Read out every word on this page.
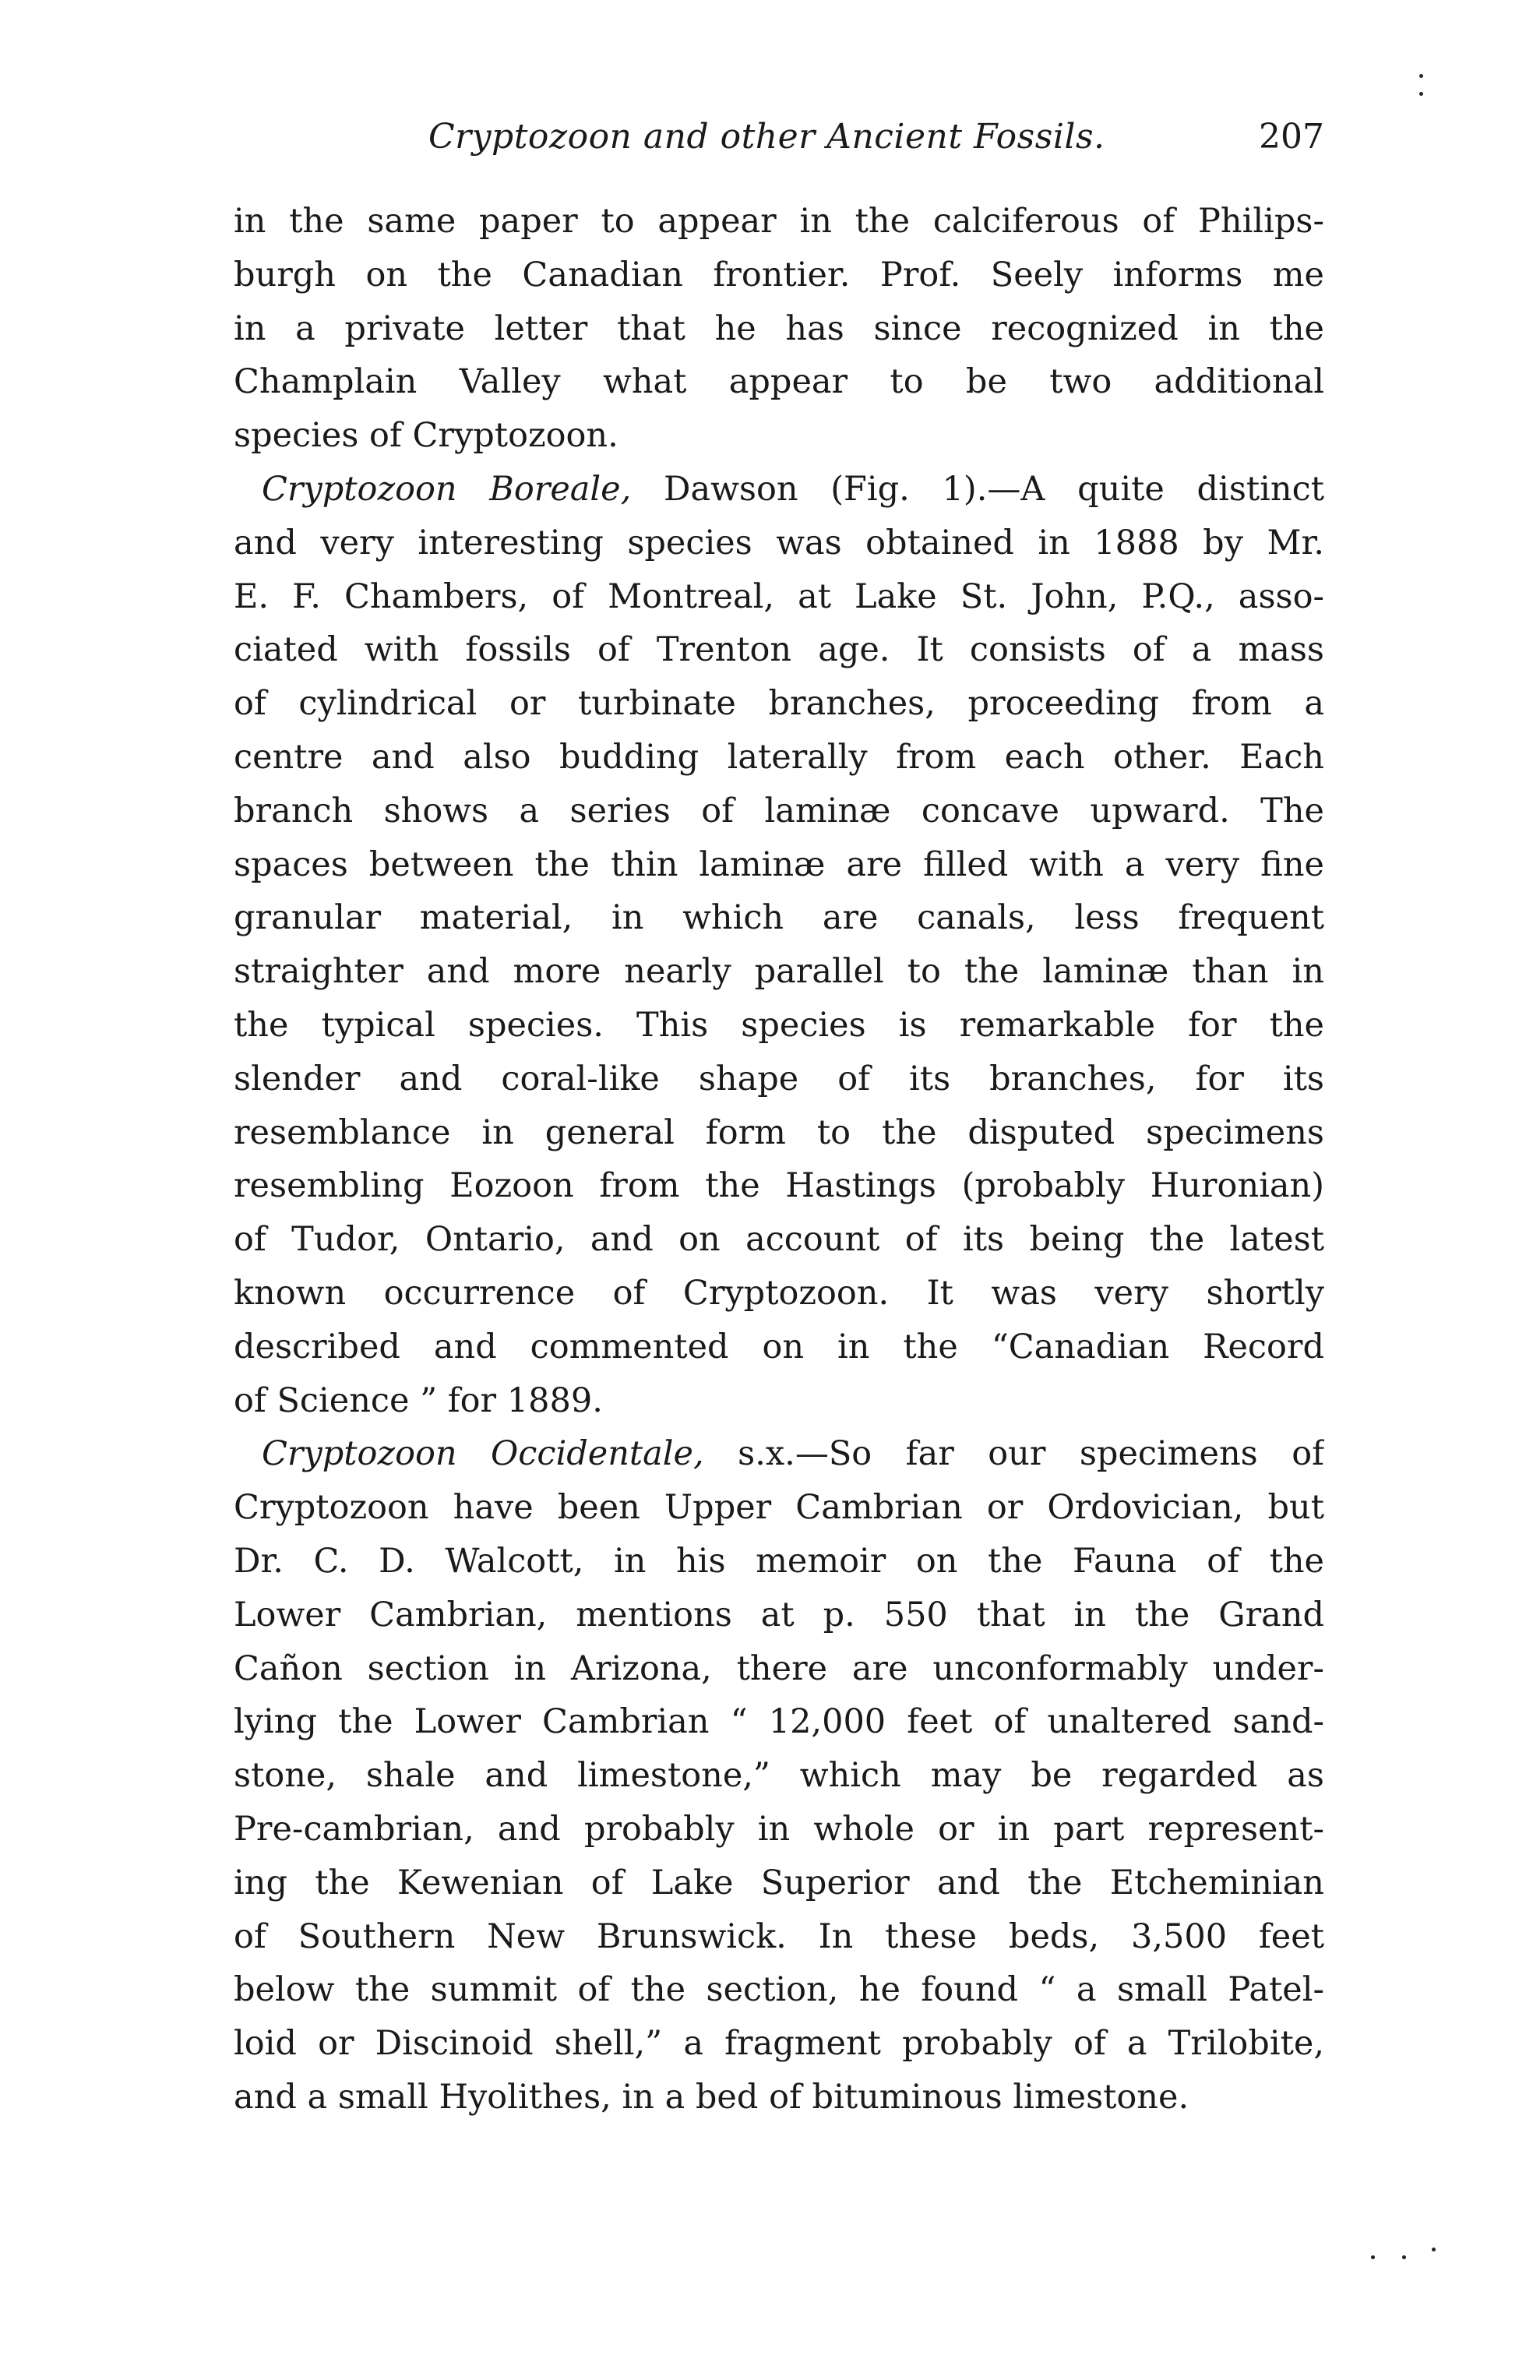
Cryptozoon and other Ancient Fossils.	207
in the same paper to appear in the calciferous of Philips-
burgh on the Canadian frontier. Prof. Seely informs me
in a private letter that he has since recognized in the
Champlain Valley what appear to be two additional
species of Cryptozoon.
Cryptozoon Boreale, Dawson (Fig. 1).—A quite distinct
and very interesting species was obtained in 1888 by Mr.
E. F. Chambers, of Montreal, at Lake St. John, P.Q., asso-
ciated with fossils of Trenton age. It consists of a mass
of cylindrical or turbinate branches, proceeding from a
centre and also budding laterally from each other. Each
branch shows a series of laminæ concave upward. The
spaces between the thin laminæ are filled with a very fine
granular material, in which are canals, less frequent
straighter and more nearly parallel to the laminæ than in
the typical species. This species is remarkable for the
slender and coral-like shape of its branches, for its
resemblance in general form to the disputed specimens
resembling Eozoon from the Hastings (probably Huronian)
of Tudor, Ontario, and on account of its being the latest
known occurrence of Cryptozoon. It was very shortly
described and commented on in the “Canadian Record
of Science ” for 1889.
Cryptozoon Occidentale, s.x.—So far our specimens of
Cryptozoon have been Upper Cambrian or Ordovician, but
Dr. C. D. Walcott, in his memoir on the Fauna of the
Lower Cambrian, mentions at p. 550 that in the Grand
Cañon section in Arizona, there are unconformably under-
lying the Lower Cambrian “ 12,000 feet of unaltered sand-
stone, shale and limestone,” which may be regarded as
Pre-cambrian, and probably in whole or in part represent-
ing the Kewenian of Lake Superior and the Etcheminian
of Southern New Brunswick. In these beds, 3,500 feet
below the summit of the section, he found “ a small Patel-
loid or Discinoid shell,” a fragment probably of a Trilobite,
and a small Hyolithes, in a bed of bituminous limestone.
